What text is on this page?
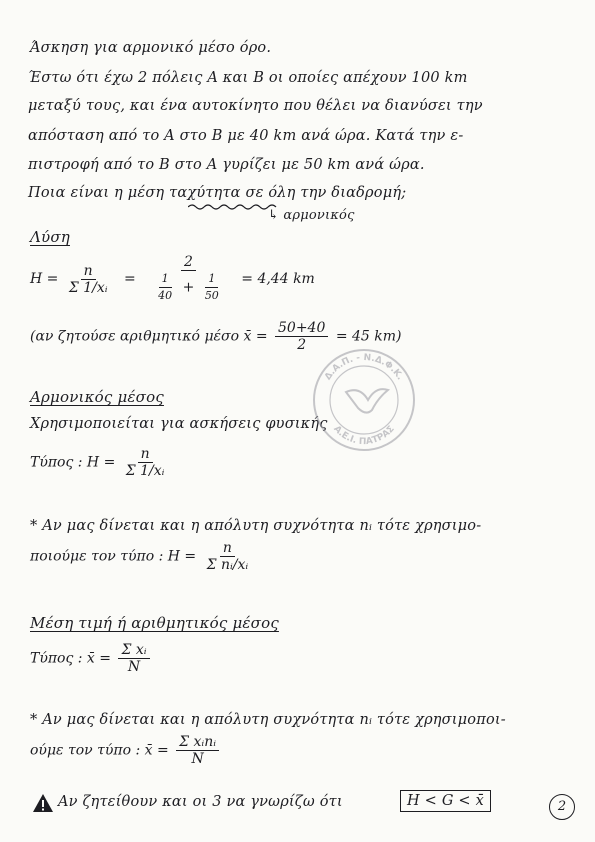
Άσκηση για αρμονικό μέσο όρο.
Έστω ότι έχω 2 πόλεις Α και Β οι οποίες απέχουν 100 km
μεταξύ τους, και ένα αυτοκίνητο που θέλει να διανύσει την
απόσταση από το Α στο Β με 40 km ανά ώρα. Κατά την ε-
πιστροφή από το Β στο Α γυρίζει με 50 km ανά ώρα.
Ποια είναι η μέση ταχύτητα σε όλη την διαδρομή;
↳ αρμονικός
Λύση
$H = \frac{n}{\text{Σ 1/xᵢ}} = \frac{2}{\frac{1}{40} + \frac{1}{50}} = 4,44$ km
(αν ζητούσε αριθμητικό μέσο x̄ = $\frac{50+40}{2} = 45$ km)
Αρμονικός μέσος
Χρησιμοποιείται για ασκήσεις φυσικής
Τύπος : $H = \frac{n}{\text{Σ 1/xᵢ}}$
* Αν μας δίνεται και η απόλυτη συχνότητα nᵢ τότε χρησιμο-
ποιούμε τον τύπο : $H = \frac{n}{\text{Σ nᵢ/xᵢ}}$
Μέση τιμή ή αριθμητικός μέσος
Τύπος : x̄ = $\frac{\text{Σ xᵢ}}{N}$
* Αν μας δίνεται και η απόλυτη συχνότητα nᵢ τότε χρησιμοποι-
ούμε τον τύπο : x̄ = $\frac{\text{Σ xᵢnᵢ}}{N}$
Αν ζητείθουν και οι 3 να γνωρίζω ότι	H < G < x̄	2
Δ.Α.Π. - Ν.Δ.Φ.Κ.
Α.Ε.Ι. ΠΑΤΡΑΣ
